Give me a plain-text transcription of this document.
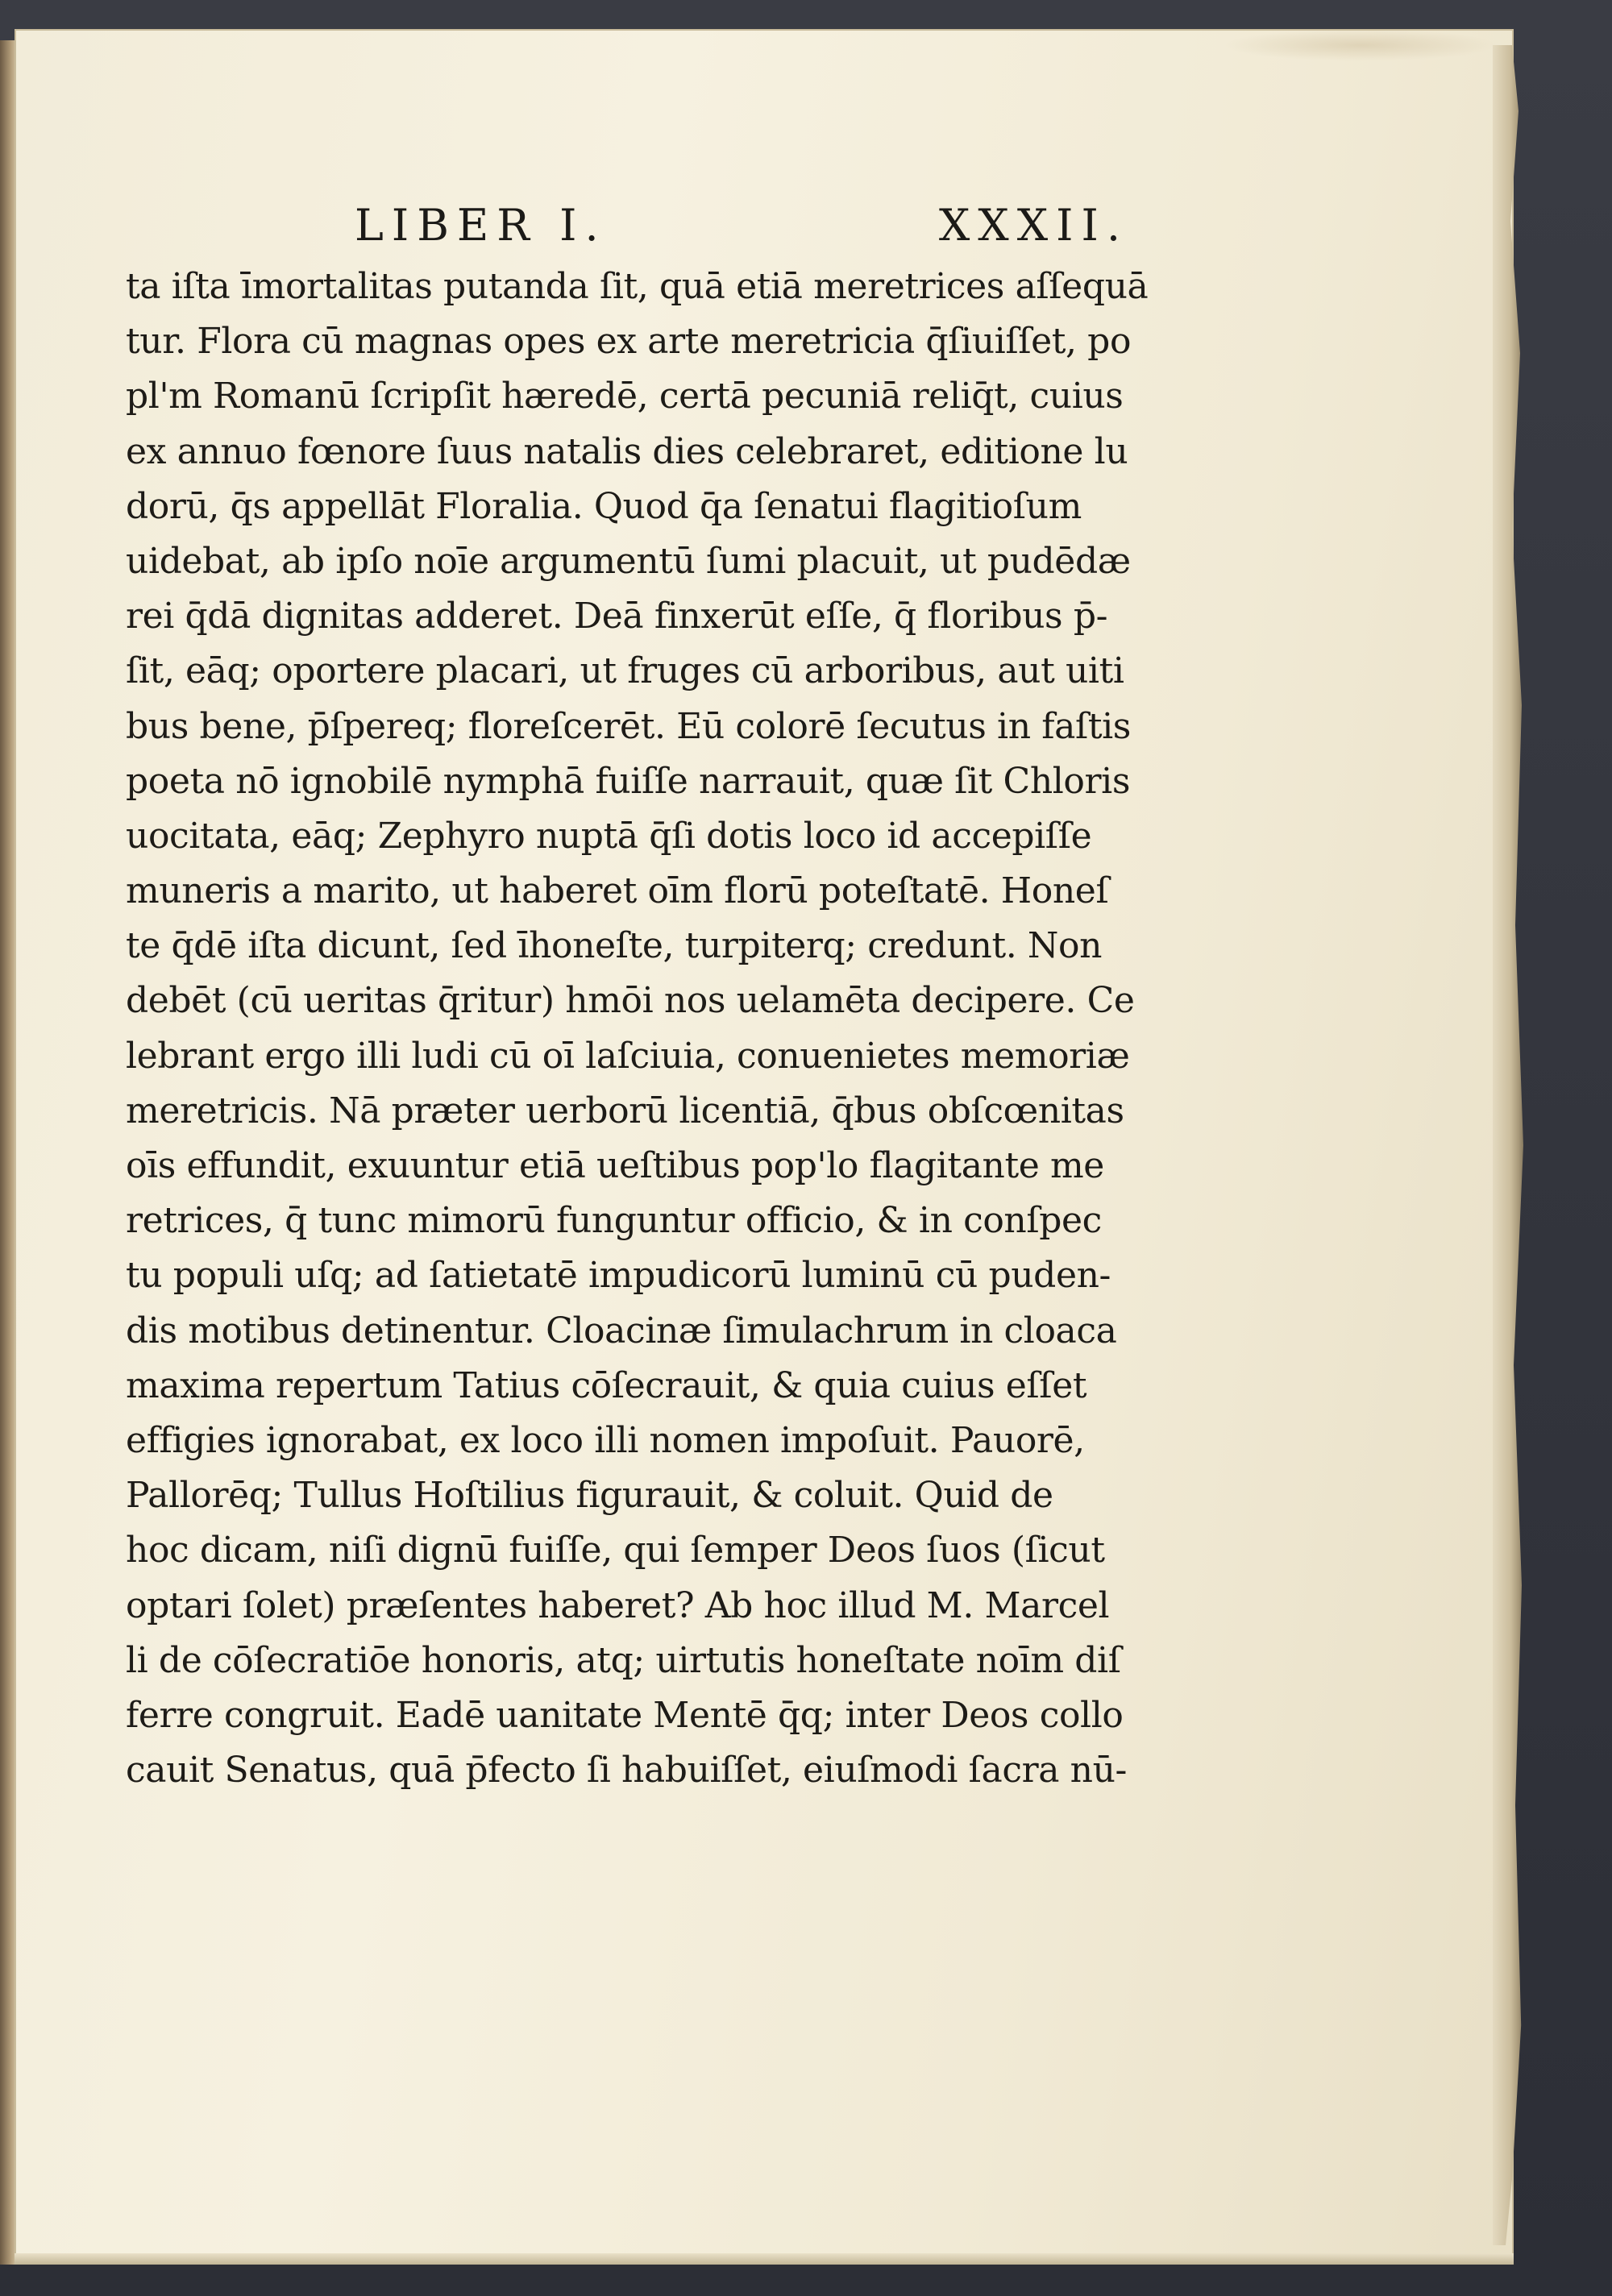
LIBER I.	XXXII.
ta iſta īmortalitas putanda ſit, quā etiā meretrices aſſequā
tur. Flora cū magnas opes ex arte meretricia q̄ſiuiſſet, po
pl'm Romanū ſcripſit hæredē, certā pecuniā reliq̄t, cuius
ex annuo fœnore ſuus natalis dies celebraret, editione lu
dorū, q̄s appellāt Floralia. Quod q̄a ſenatui flagitioſum
uidebat, ab ipſo noīe argumentū ſumi placuit, ut pudēdæ
rei q̄dā dignitas adderet. Deā finxerūt eſſe, q̄ floribus p̄-
ſit, eāq; oportere placari, ut fruges cū arboribus, aut uiti
bus bene, p̄ſpereq; floreſcerēt. Eū colorē ſecutus in faſtis
poeta nō ignobilē nymphā fuiſſe narrauit, quæ ſit Chloris
uocitata, eāq; Zephyro nuptā q̄ſi dotis loco id accepiſſe
muneris a marito, ut haberet oīm florū poteſtatē. Honeſ
te q̄dē iſta dicunt, ſed īhoneſte, turpiterq; credunt. Non
debēt (cū ueritas q̄ritur) hmōi nos uelamēta decipere. Ce
lebrant ergo illi ludi cū oī laſciuia, conuenietes memoriæ
meretricis. Nā præter uerborū licentiā, q̄bus obſcœnitas
oīs effundit, exuuntur etiā ueſtibus pop'lo flagitante me
retrices, q̄ tunc mimorū funguntur officio, & in conſpec
tu populi uſq; ad ſatietatē impudicorū luminū cū puden-
dis motibus detinentur. Cloacinæ ſimulachrum in cloaca
maxima repertum Tatius cōſecrauit, & quia cuius eſſet
effigies ignorabat, ex loco illi nomen impoſuit. Pauorē,
Pallorēq; Tullus Hoſtilius figurauit, & coluit. Quid de
hoc dicam, niſi dignū fuiſſe, qui ſemper Deos ſuos (ſicut
optari ſolet) præſentes haberet? Ab hoc illud M. Marcel
li de cōſecratiōe honoris, atq; uirtutis honeſtate noīm diſ
ferre congruit. Eadē uanitate Mentē q̄q; inter Deos collo
cauit Senatus, quā p̄fecto ſi habuiſſet, eiuſmodi ſacra nū-
